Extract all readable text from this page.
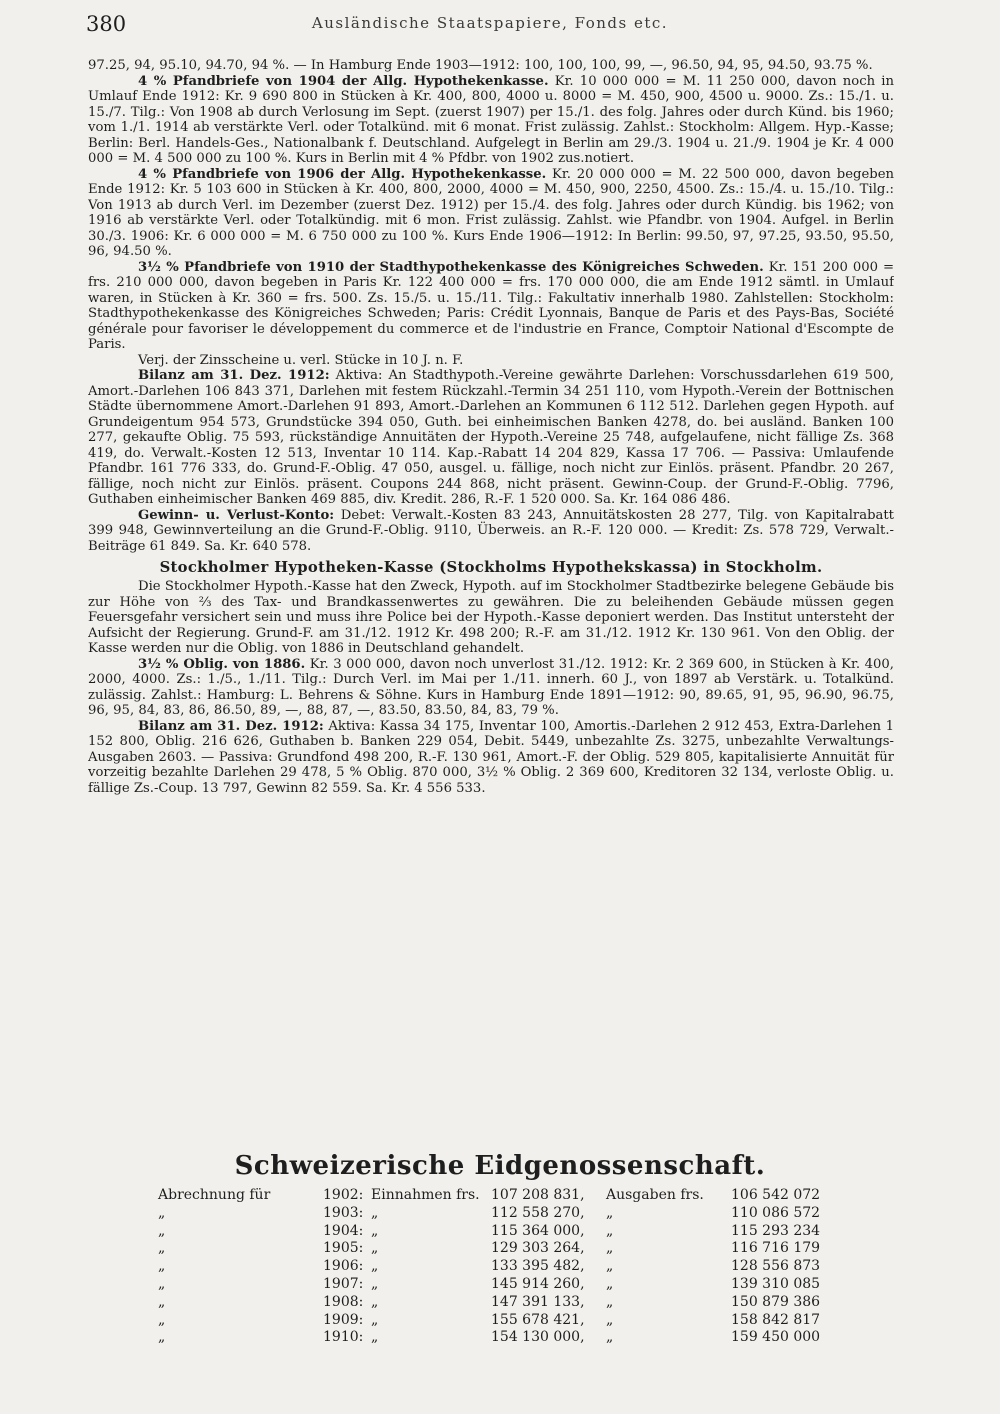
380	Ausländische Staatspapiere, Fonds etc.

97.25, 94, 95.10, 94.70, 94 %. — In Hamburg Ende 1903—1912: 100, 100, 100, 99, —, 96.50, 94, 95, 94.50, 93.75 %.

4 % Pfandbriefe von 1904 der Allg. Hypothekenkasse. Kr. 10 000 000 = M. 11 250 000, davon noch in Umlauf Ende 1912: Kr. 9 690 800 in Stücken à Kr. 400, 800, 4000 u. 8000 = M. 450, 900, 4500 u. 9000. Zs.: 15./1. u. 15./7. Tilg.: Von 1908 ab durch Verlosung im Sept. (zuerst 1907) per 15./1. des folg. Jahres oder durch Künd. bis 1960; vom 1./1. 1914 ab verstärkte Verl. oder Totalkünd. mit 6 monat. Frist zulässig. Zahlst.: Stockholm: Allgem. Hyp.-Kasse; Berlin: Berl. Handels-Ges., Nationalbank f. Deutschland. Aufgelegt in Berlin am 29./3. 1904 u. 21./9. 1904 je Kr. 4 000 000 = M. 4 500 000 zu 100 %. Kurs in Berlin mit 4 % Pfdbr. von 1902 zus.notiert.

4 % Pfandbriefe von 1906 der Allg. Hypothekenkasse. Kr. 20 000 000 = M. 22 500 000, davon begeben Ende 1912: Kr. 5 103 600 in Stücken à Kr. 400, 800, 2000, 4000 = M. 450, 900, 2250, 4500. Zs.: 15./4. u. 15./10. Tilg.: Von 1913 ab durch Verl. im Dezember (zuerst Dez. 1912) per 15./4. des folg. Jahres oder durch Kündig. bis 1962; von 1916 ab verstärkte Verl. oder Totalkündig. mit 6 mon. Frist zulässig. Zahlst. wie Pfandbr. von 1904. Aufgel. in Berlin 30./3. 1906: Kr. 6 000 000 = M. 6 750 000 zu 100 %. Kurs Ende 1906—1912: In Berlin: 99.50, 97, 97.25, 93.50, 95.50, 96, 94.50 %.

3½ % Pfandbriefe von 1910 der Stadthypothekenkasse des Königreiches Schweden. Kr. 151 200 000 = frs. 210 000 000, davon begeben in Paris Kr. 122 400 000 = frs. 170 000 000, die am Ende 1912 sämtl. in Umlauf waren, in Stücken à Kr. 360 = frs. 500. Zs. 15./5. u. 15./11. Tilg.: Fakultativ innerhalb 1980. Zahlstellen: Stockholm: Stadthypothekenkasse des Königreiches Schweden; Paris: Crédit Lyonnais, Banque de Paris et des Pays-Bas, Société générale pour favoriser le développement du commerce et de l'industrie en France, Comptoir National d'Escompte de Paris.

Verj. der Zinsscheine u. verl. Stücke in 10 J. n. F.

Bilanz am 31. Dez. 1912: Aktiva: An Stadthypoth.-Vereine gewährte Darlehen: Vorschussdarlehen 619 500, Amort.-Darlehen 106 843 371, Darlehen mit festem Rückzahl.-Termin 34 251 110, vom Hypoth.-Verein der Bottnischen Städte übernommene Amort.-Darlehen 91 893, Amort.-Darlehen an Kommunen 6 112 512. Darlehen gegen Hypoth. auf Grundeigentum 954 573, Grundstücke 394 050, Guth. bei einheimischen Banken 4278, do. bei ausländ. Banken 100 277, gekaufte Oblig. 75 593, rückständige Annuitäten der Hypoth.-Vereine 25 748, aufgelaufene, nicht fällige Zs. 368 419, do. Verwalt.-Kosten 12 513, Inventar 10 114. Kap.-Rabatt 14 204 829, Kassa 17 706. — Passiva: Umlaufende Pfandbr. 161 776 333, do. Grund-F.-Oblig. 47 050, ausgel. u. fällige, noch nicht zur Einlös. präsent. Pfandbr. 20 267, fällige, noch nicht zur Einlös. präsent. Coupons 244 868, nicht präsent. Gewinn-Coup. der Grund-F.-Oblig. 7796, Guthaben einheimischer Banken 469 885, div. Kredit. 286, R.-F. 1 520 000. Sa. Kr. 164 086 486.

Gewinn- u. Verlust-Konto: Debet: Verwalt.-Kosten 83 243, Annuitätskosten 28 277, Tilg. von Kapitalrabatt 399 948, Gewinnverteilung an die Grund-F.-Oblig. 9110, Überweis. an R.-F. 120 000. — Kredit: Zs. 578 729, Verwalt.-Beiträge 61 849. Sa. Kr. 640 578.

Stockholmer Hypotheken-Kasse (Stockholms Hypothekskassa) in Stockholm.

Die Stockholmer Hypoth.-Kasse hat den Zweck, Hypoth. auf im Stockholmer Stadtbezirke belegene Gebäude bis zur Höhe von ⅔ des Tax- und Brandkassenwertes zu gewähren. Die zu beleihenden Gebäude müssen gegen Feuersgefahr versichert sein und muss ihre Police bei der Hypoth.-Kasse deponiert werden. Das Institut untersteht der Aufsicht der Regierung. Grund-F. am 31./12. 1912 Kr. 498 200; R.-F. am 31./12. 1912 Kr. 130 961. Von den Oblig. der Kasse werden nur die Oblig. von 1886 in Deutschland gehandelt.

3½ % Oblig. von 1886. Kr. 3 000 000, davon noch unverlost 31./12. 1912: Kr. 2 369 600, in Stücken à Kr. 400, 2000, 4000. Zs.: 1./5., 1./11. Tilg.: Durch Verl. im Mai per 1./11. innerh. 60 J., von 1897 ab Verstärk. u. Totalkünd. zulässig. Zahlst.: Hamburg: L. Behrens & Söhne. Kurs in Hamburg Ende 1891—1912: 90, 89.65, 91, 95, 96.90, 96.75, 96, 95, 84, 83, 86, 86.50, 89, —, 88, 87, —, 83.50, 83.50, 84, 83, 79 %.

Bilanz am 31. Dez. 1912: Aktiva: Kassa 34 175, Inventar 100, Amortis.-Darlehen 2 912 453, Extra-Darlehen 1 152 800, Oblig. 216 626, Guthaben b. Banken 229 054, Debit. 5449, unbezahlte Zs. 3275, unbezahlte Verwaltungs-Ausgaben 2603. — Passiva: Grundfond 498 200, R.-F. 130 961, Amort.-F. der Oblig. 529 805, kapitalisierte Annuität für vorzeitig bezahlte Darlehen 29 478, 5 % Oblig. 870 000, 3½ % Oblig. 2 369 600, Kreditoren 32 134, verloste Oblig. u. fällige Zs.-Coup. 13 797, Gewinn 82 559. Sa. Kr. 4 556 533.

Schweizerische Eidgenossenschaft.
Abrechnung für	1902:	Einnahmen frs.	107 208 831,	Ausgaben frs.	106 542 072
„	1903:	„	112 558 270,	„	110 086 572
„	1904:	„	115 364 000,	„	115 293 234
„	1905:	„	129 303 264,	„	116 716 179
„	1906:	„	133 395 482,	„	128 556 873
„	1907:	„	145 914 260,	„	139 310 085
„	1908:	„	147 391 133,	„	150 879 386
„	1909:	„	155 678 421,	„	158 842 817
„	1910:	„	154 130 000,	„	159 450 000
